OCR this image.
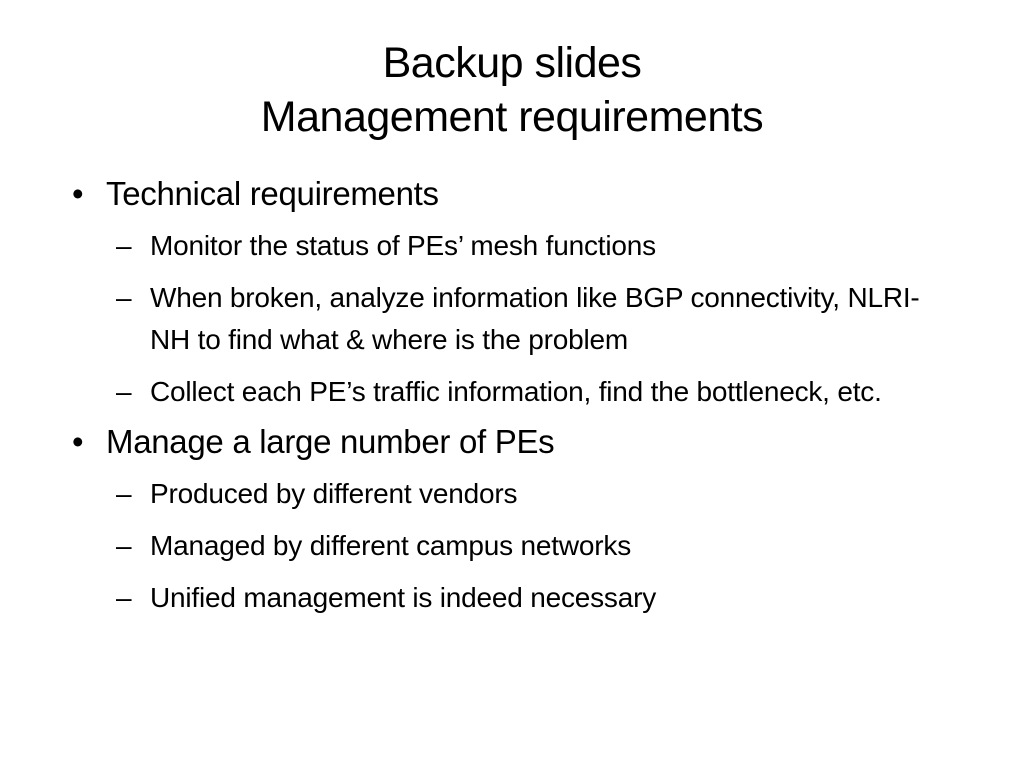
Backup slides
Management requirements
• Technical requirements
– Monitor the status of PEs’ mesh functions
– When broken, analyze information like BGP connectivity, NLRI-NH to find what & where is the problem
– Collect each PE’s traffic information, find the bottleneck, etc.
• Manage a large number of PEs
– Produced by different vendors
– Managed by different campus networks
– Unified management is indeed necessary
